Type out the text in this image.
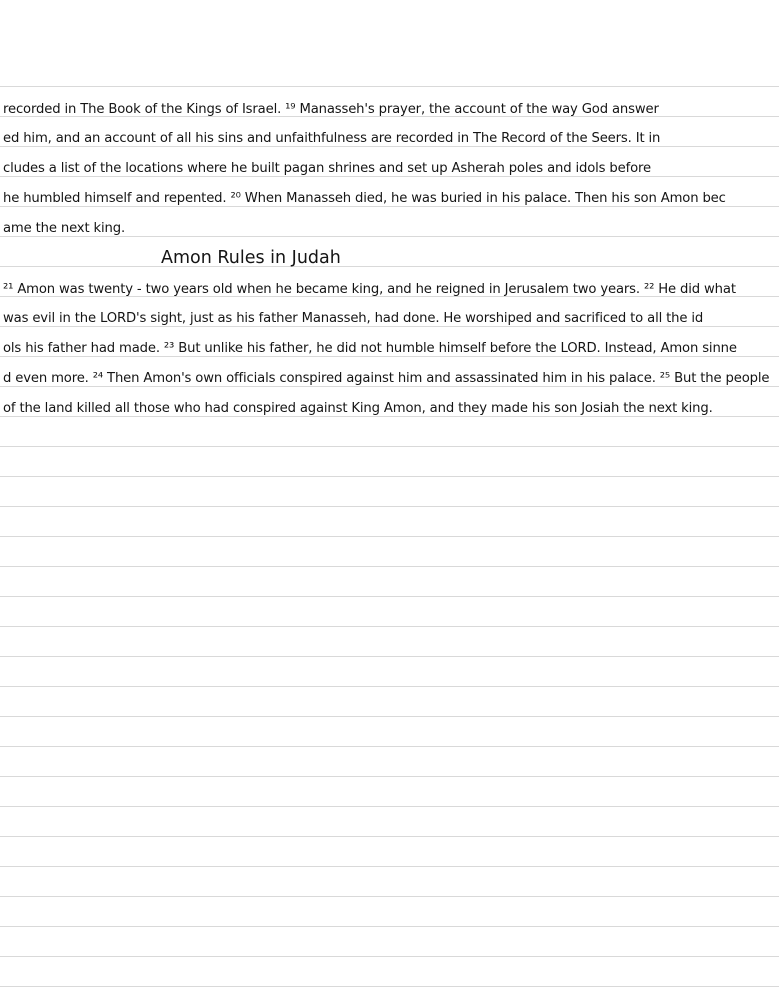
recorded in The Book of the Kings of Israel. ¹⁹ Manasseh's prayer, the account of the way God answer
ed him, and an account of all his sins and unfaithfulness are recorded in The Record of the Seers. It in
cludes a list of the locations where he built pagan shrines and set up Asherah poles and idols before
he humbled himself and repented. ²⁰ When Manasseh died, he was buried in his palace. Then his son Amon bec
ame the next king.
Amon Rules in Judah
²¹ Amon was twenty - two years old when he became king, and he reigned in Jerusalem two years. ²² He did what
was evil in the LORD's sight, just as his father Manasseh, had done. He worshiped and sacrificed to all the id
ols his father had made. ²³ But unlike his father, he did not humble himself before the LORD. Instead, Amon sinne
d even more. ²⁴ Then Amon's own officials conspired against him and assassinated him in his palace. ²⁵ But the people
of the land killed all those who had conspired against King Amon, and they made his son Josiah the next king.
